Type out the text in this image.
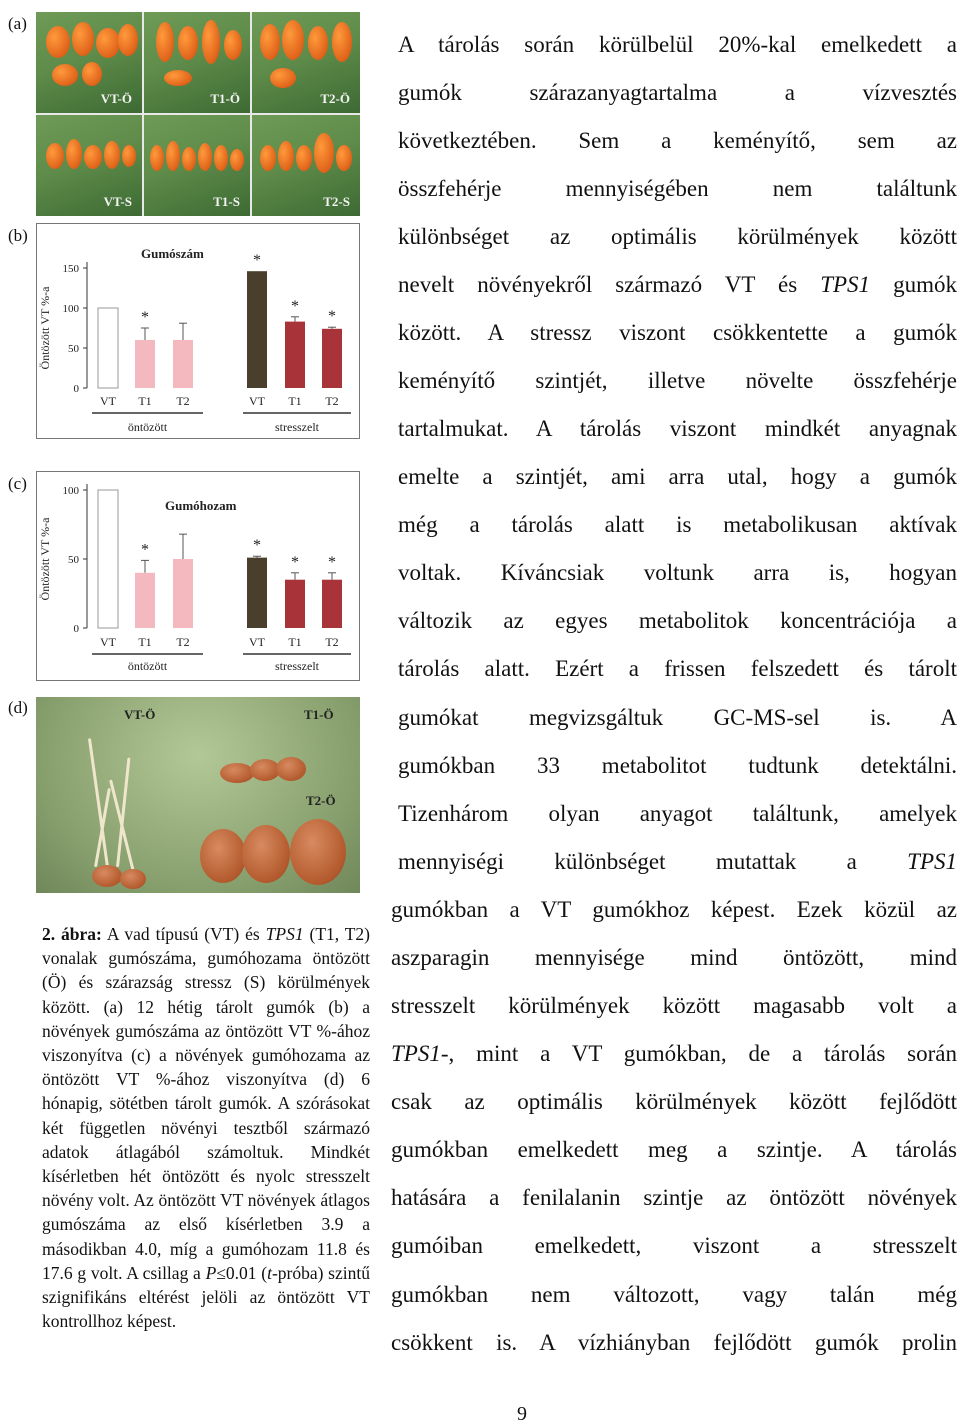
(a)
(b)
(c)
(d)
VT-Ö	T1-Ö	T2-Ö
VT-S	T1-S	T2-S
Öntözött VT %-a
0
50
100
150
Gumószám
VT
*
T1 T2
*
VT
*
T1
*
T2
öntözött	stresszelt
Öntözött VT %-a
0
50
100
Gumóhozam
VT
*
T1 T2
*
VT
*
T1
*
T2
öntözött	stresszelt
VT-Ö	T1-Ö
T2-Ö
2. ábra: A vad típusú (VT) és TPS1 (T1, T2) vonalak gumószáma, gumóhozama öntözött (Ö) és szárazság stressz (S) körülmények között. (a) 12 hétig tárolt gumók (b) a növények gumószáma az öntözött VT %-ához viszonyítva (c) a növények gumóhozama az öntözött VT %-ához viszonyítva (d) 6 hónapig, sötétben tárolt gumók. A szórásokat két független növényi tesztből származó adatok átlagából számoltuk. Mindkét kísérletben hét öntözött és nyolc stresszelt növény volt. Az öntözött VT növények átlagos gumószáma az első kísérletben 3.9 a másodikban 4.0, míg a gumóhozam 11.8 és 17.6 g volt. A csillag a P≤0.01 (t-próba) szintű szignifikáns eltérést jelöli az öntözött VT kontrollhoz képest.
A tárolás során körülbelül 20%-kal emelkedett a
gumók szárazanyagtartalma a vízvesztés
következtében. Sem a keményítő, sem az
összfehérje mennyiségében nem találtunk
különbséget az optimális körülmények között
nevelt növényekről származó VT és TPS1 gumók
között. A stressz viszont csökkentette a gumók
keményítő szintjét, illetve növelte összfehérje
tartalmukat. A tárolás viszont mindkét anyagnak
emelte a szintjét, ami arra utal, hogy a gumók
még a tárolás alatt is metabolikusan aktívak
voltak. Kíváncsiak voltunk arra is, hogyan
változik az egyes metabolitok koncentrációja a
tárolás alatt. Ezért a frissen felszedett és tárolt
gumókat megvizsgáltuk GC-MS-sel is. A
gumókban 33 metabolitot tudtunk detektálni.
Tizenhárom olyan anyagot találtunk, amelyek
mennyiségi különbséget mutattak a TPS1
gumókban a VT gumókhoz képest. Ezek közül az
aszparagin mennyisége mind öntözött, mind
stresszelt körülmények között magasabb volt a
TPS1-, mint a VT gumókban, de a tárolás során
csak az optimális körülmények között fejlődött
gumókban emelkedett meg a szintje. A tárolás
hatására a fenilalanin szintje az öntözött növények
gumóiban emelkedett, viszont a stresszelt
gumókban nem változott, vagy talán még
csökkent is. A vízhiányban fejlődött gumók prolin
9
